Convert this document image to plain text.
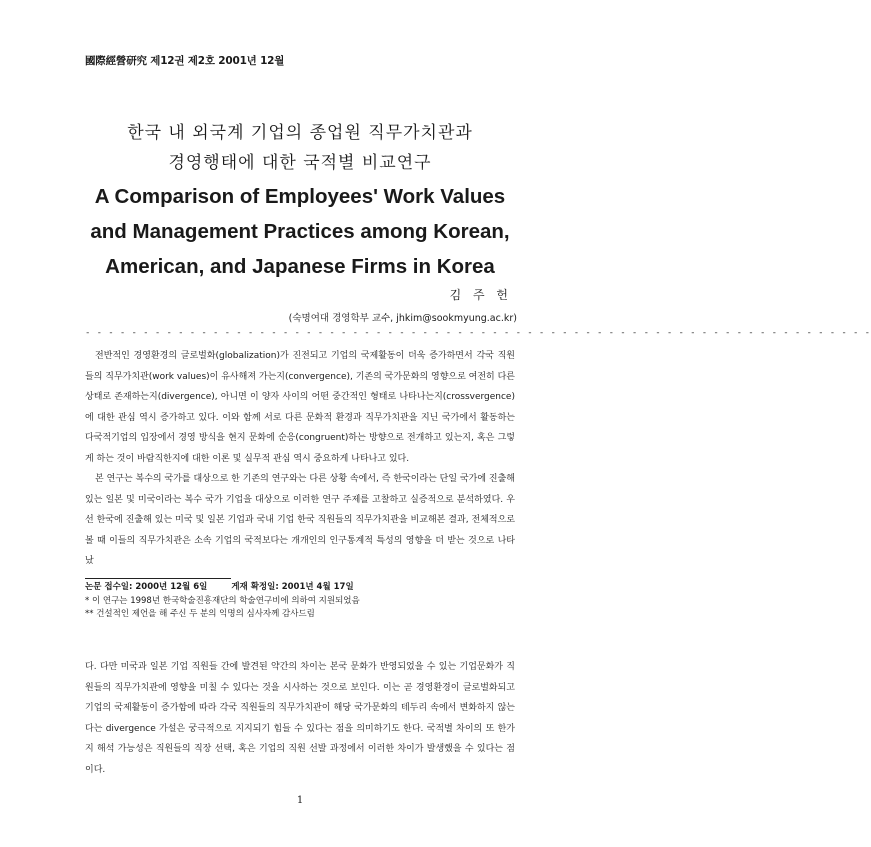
國際經營研究 제12권 제2호 2001년 12월
한국 내 외국계 기업의 종업원 직무가치관과
경영행태에 대한 국적별 비교연구
A Comparison of Employees' Work Values
and Management Practices among Korean,
American, and Japanese Firms in Korea
김 주 헌
(숙명여대 경영학부 교수, jhkim@sookmyung.ac.kr)
- - - - - - - - - - - - - - - - - - - - - - - - - - - - - - - - - - - - - - - - - - - - - - - - - - - - - - - - - - - - - - - - - - - -

전반적인 경영환경의 글로벌화(globalization)가 진전되고 기업의 국제활동이 더욱 증가하면서 각국 직원들의 직무가치관(work values)이 유사해져 가는지(convergence), 기존의 국가문화의 영향으로 여전히 다른 상태로 존재하는지(divergence), 아니면 이 양자 사이의 어떤 중간적인 형태로 나타나는지(crossvergence)에 대한 관심 역시 증가하고 있다. 이와 함께 서로 다른 문화적 환경과 직무가치관을 지닌 국가에서 활동하는 다국적기업의 입장에서 경영 방식을 현지 문화에 순응(congruent)하는 방향으로 전개하고 있는지, 혹은 그렇게 하는 것이 바람직한지에 대한 이론 및 실무적 관심 역시 중요하게 나타나고 있다.

본 연구는 복수의 국가를 대상으로 한 기존의 연구와는 다른 상황 속에서, 즉 한국이라는 단일 국가에 진출해 있는 일본 및 미국이라는 복수 국가 기업을 대상으로 이러한 연구 주제를 고찰하고 실증적으로 분석하였다. 우선 한국에 진출해 있는 미국 및 일본 기업과 국내 기업 한국 직원들의 직무가치관을 비교해본 결과, 전체적으로 볼 때 이들의 직무가치관은 소속 기업의 국적보다는 개개인의 인구통계적 특성의 영향을 더 받는 것으로 나타났

논문 접수일: 2000년 12월 6일	게재 확정일: 2001년 4월 17일
* 이 연구는 1998년 한국학술진흥재단의 학술연구비에 의하여 지원되었음
** 건설적인 제언을 해 주신 두 분의 익명의 심사자께 감사드림

다. 다만 미국과 일본 기업 직원들 간에 발견된 약간의 차이는 본국 문화가 반영되었을 수 있는 기업문화가 직원들의 직무가치관에 영향을 미칠 수 있다는 것을 시사하는 것으로 보인다. 이는 곧 경영환경이 글로벌화되고 기업의 국제활동이 증가함에 따라 각국 직원들의 직무가치관이 해당 국가문화의 테두리 속에서 변화하지 않는다는 divergence 가설은 궁극적으로 지지되기 힘들 수 있다는 점을 의미하기도 한다. 국적별 차이의 또 한가지 해석 가능성은 직원들의 직장 선택, 혹은 기업의 직원 선발 과정에서 이러한 차이가 발생했을 수 있다는 점이다.

1
